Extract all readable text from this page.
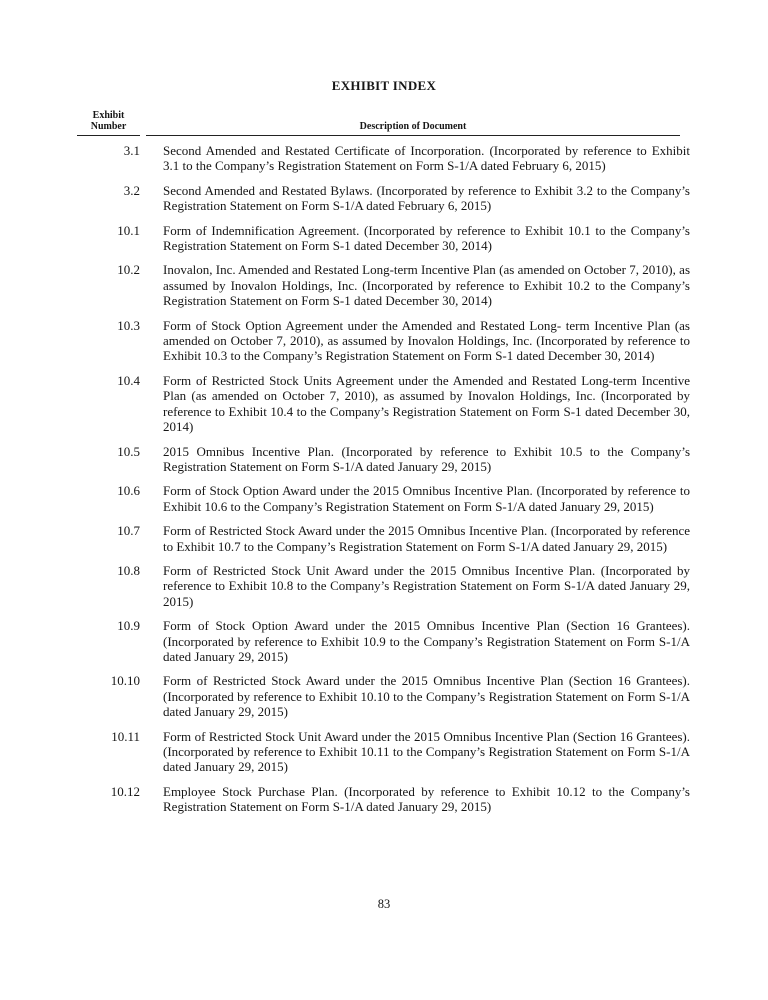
EXHIBIT INDEX
Exhibit
Number	Description of Document
3.1 Second Amended and Restated Certificate of Incorporation. (Incorporated by reference to Exhibit 3.1 to the Company’s Registration Statement on Form S-1/A dated February 6, 2015)
3.2 Second Amended and Restated Bylaws. (Incorporated by reference to Exhibit 3.2 to the Company’s Registration Statement on Form S-1/A dated February 6, 2015)
10.1 Form of Indemnification Agreement. (Incorporated by reference to Exhibit 10.1 to the Company’s Registration Statement on Form S-1 dated December 30, 2014)
10.2 Inovalon, Inc. Amended and Restated Long-term Incentive Plan (as amended on October 7, 2010), as assumed by Inovalon Holdings, Inc. (Incorporated by reference to Exhibit 10.2 to the Company’s Registration Statement on Form S-1 dated December 30, 2014)
10.3 Form of Stock Option Agreement under the Amended and Restated Long- term Incentive Plan (as amended on October 7, 2010), as assumed by Inovalon Holdings, Inc. (Incorporated by reference to Exhibit 10.3 to the Company’s Registration Statement on Form S-1 dated December 30, 2014)
10.4 Form of Restricted Stock Units Agreement under the Amended and Restated Long-term Incentive Plan (as amended on October 7, 2010), as assumed by Inovalon Holdings, Inc. (Incorporated by reference to Exhibit 10.4 to the Company’s Registration Statement on Form S-1 dated December 30, 2014)
10.5 2015 Omnibus Incentive Plan. (Incorporated by reference to Exhibit 10.5 to the Company’s Registration Statement on Form S-1/A dated January 29, 2015)
10.6 Form of Stock Option Award under the 2015 Omnibus Incentive Plan. (Incorporated by reference to Exhibit 10.6 to the Company’s Registration Statement on Form S-1/A dated January 29, 2015)
10.7 Form of Restricted Stock Award under the 2015 Omnibus Incentive Plan. (Incorporated by reference to Exhibit 10.7 to the Company’s Registration Statement on Form S-1/A dated January 29, 2015)
10.8 Form of Restricted Stock Unit Award under the 2015 Omnibus Incentive Plan. (Incorporated by reference to Exhibit 10.8 to the Company’s Registration Statement on Form S-1/A dated January 29, 2015)
10.9 Form of Stock Option Award under the 2015 Omnibus Incentive Plan (Section 16 Grantees). (Incorporated by reference to Exhibit 10.9 to the Company’s Registration Statement on Form S-1/A dated January 29, 2015)
10.10 Form of Restricted Stock Award under the 2015 Omnibus Incentive Plan (Section 16 Grantees). (Incorporated by reference to Exhibit 10.10 to the Company’s Registration Statement on Form S-1/A dated January 29, 2015)
10.11 Form of Restricted Stock Unit Award under the 2015 Omnibus Incentive Plan (Section 16 Grantees). (Incorporated by reference to Exhibit 10.11 to the Company’s Registration Statement on Form S-1/A dated January 29, 2015)
10.12 Employee Stock Purchase Plan. (Incorporated by reference to Exhibit 10.12 to the Company’s Registration Statement on Form S-1/A dated January 29, 2015)
83
